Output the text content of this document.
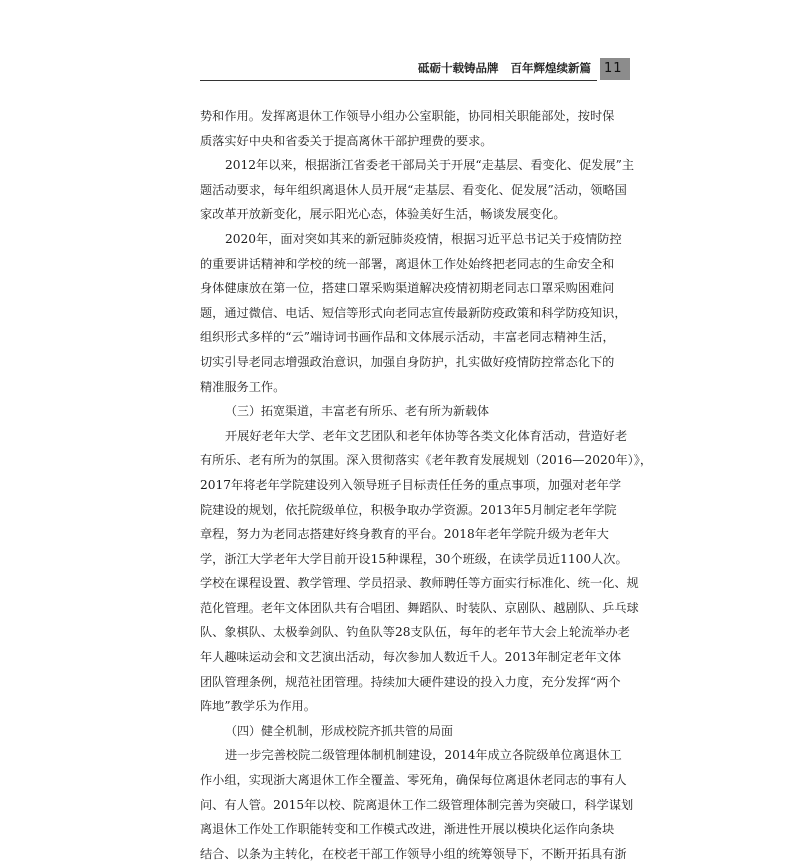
砥砺十载铸品牌 百年辉煌续新篇 11
势和作用。发挥离退休工作领导小组办公室职能，协同相关职能部处，按时保
质落实好中央和省委关于提高离休干部护理费的要求。
2012年以来，根据浙江省委老干部局关于开展“走基层、看变化、促发展”主
题活动要求，每年组织离退休人员开展“走基层、看变化、促发展”活动，领略国
家改革开放新变化，展示阳光心态，体验美好生活，畅谈发展变化。
2020年，面对突如其来的新冠肺炎疫情，根据习近平总书记关于疫情防控
的重要讲话精神和学校的统一部署，离退休工作处始终把老同志的生命安全和
身体健康放在第一位，搭建口罩采购渠道解决疫情初期老同志口罩采购困难问
题，通过微信、电话、短信等形式向老同志宣传最新防疫政策和科学防疫知识，
组织形式多样的“云”端诗词书画作品和文体展示活动，丰富老同志精神生活，
切实引导老同志增强政治意识，加强自身防护，扎实做好疫情防控常态化下的
精准服务工作。
（三）拓宽渠道，丰富老有所乐、老有所为新载体
开展好老年大学、老年文艺团队和老年体协等各类文化体育活动，营造好老
有所乐、老有所为的氛围。深入贯彻落实《老年教育发展规划（2016—2020年）》，
2017年将老年学院建设列入领导班子目标责任任务的重点事项，加强对老年学
院建设的规划，依托院级单位，积极争取办学资源。2013年5月制定老年学院
章程，努力为老同志搭建好终身教育的平台。2018年老年学院升级为老年大
学，浙江大学老年大学目前开设15种课程，30个班级，在读学员近1100人次。
学校在课程设置、教学管理、学员招录、教师聘任等方面实行标准化、统一化、规
范化管理。老年文体团队共有合唱团、舞蹈队、时装队、京剧队、越剧队、乒乓球
队、象棋队、太极拳剑队、钓鱼队等28支队伍，每年的老年节大会上轮流举办老
年人趣味运动会和文艺演出活动，每次参加人数近千人。2013年制定老年文体
团队管理条例，规范社团管理。持续加大硬件建设的投入力度，充分发挥“两个
阵地”教学乐为作用。
（四）健全机制，形成校院齐抓共管的局面
进一步完善校院二级管理体制机制建设，2014年成立各院级单位离退休工
作小组，实现浙大离退休工作全覆盖、零死角，确保每位离退休老同志的事有人
问、有人管。2015年以校、院离退休工作二级管理体制完善为突破口，科学谋划
离退休工作处工作职能转变和工作模式改进，渐进性开展以模块化运作向条块
结合、以条为主转化，在校老干部工作领导小组的统筹领导下，不断开拓具有浙
